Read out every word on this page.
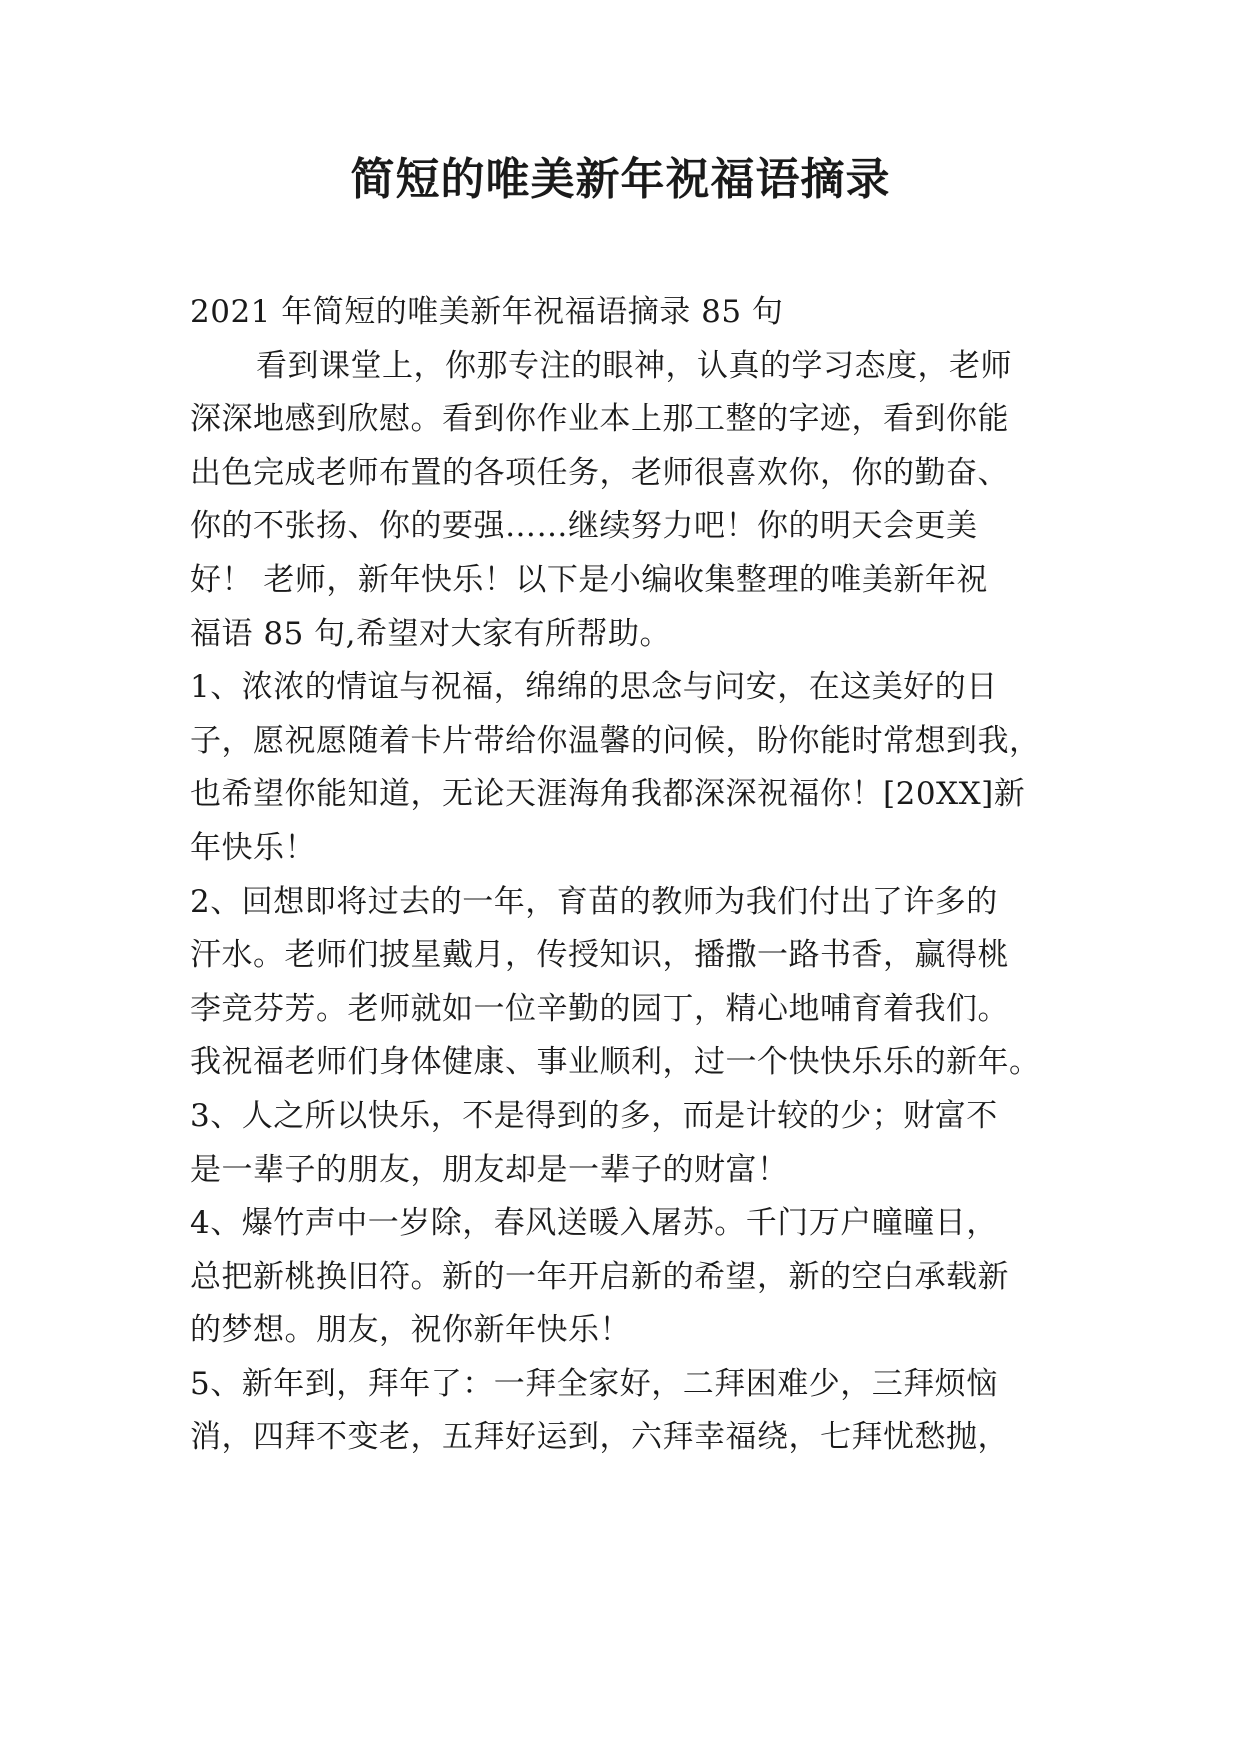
简短的唯美新年祝福语摘录
2021 年简短的唯美新年祝福语摘录 85 句
看到课堂上，你那专注的眼神，认真的学习态度，老师
深深地感到欣慰。看到你作业本上那工整的字迹，看到你能
出色完成老师布置的各项任务，老师很喜欢你，你的勤奋、
你的不张扬、你的要强……继续努力吧！你的明天会更美
好！ 老师，新年快乐！以下是小编收集整理的唯美新年祝
福语 85 句,希望对大家有所帮助。
1、浓浓的情谊与祝福，绵绵的思念与问安，在这美好的日
子，愿祝愿随着卡片带给你温馨的问候，盼你能时常想到我，
也希望你能知道，无论天涯海角我都深深祝福你！[20XX]新
年快乐！
2、回想即将过去的一年，育苗的教师为我们付出了许多的
汗水。老师们披星戴月，传授知识，播撒一路书香，赢得桃
李竞芬芳。老师就如一位辛勤的园丁，精心地哺育着我们。
我祝福老师们身体健康、事业顺利，过一个快快乐乐的新年。
3、人之所以快乐，不是得到的多，而是计较的少；财富不
是一辈子的朋友，朋友却是一辈子的财富！
4、爆竹声中一岁除，春风送暖入屠苏。千门万户曈曈日，
总把新桃换旧符。新的一年开启新的希望，新的空白承载新
的梦想。朋友，祝你新年快乐！
5、新年到，拜年了：一拜全家好，二拜困难少，三拜烦恼
消，四拜不变老，五拜好运到，六拜幸福绕，七拜忧愁抛，
